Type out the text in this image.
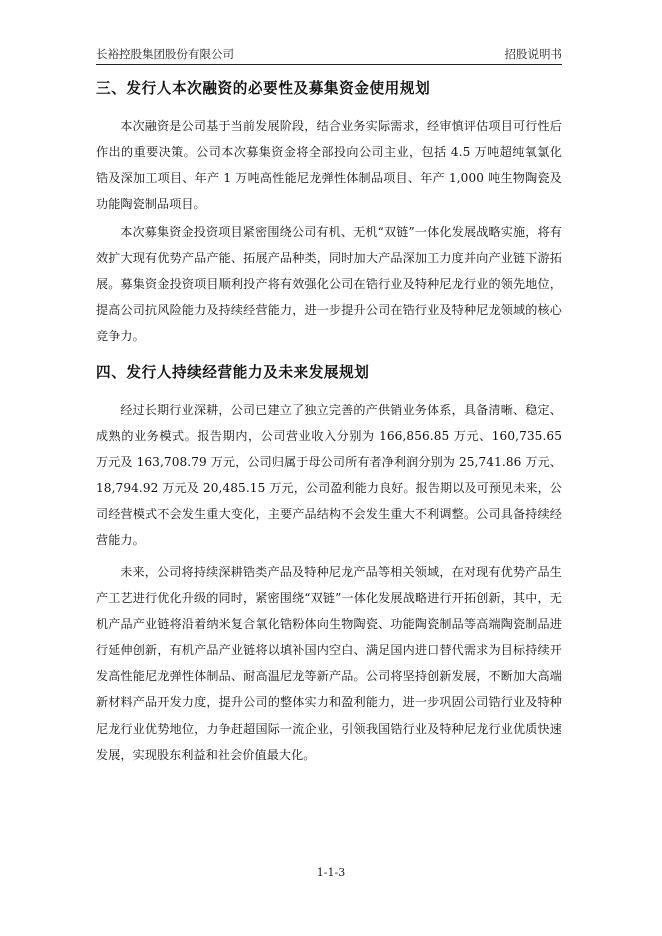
长裕控股集团股份有限公司	招股说明书
三、发行人本次融资的必要性及募集资金使用规划

本次融资是公司基于当前发展阶段，结合业务实际需求，经审慎评估项目可行性后作出的重要决策。公司本次募集资金将全部投向公司主业，包括 4.5 万吨超纯氧氯化锆及深加工项目、年产 1 万吨高性能尼龙弹性体制品项目、年产 1,000 吨生物陶瓷及功能陶瓷制品项目。

本次募集资金投资项目紧密围绕公司有机、无机“双链”一体化发展战略实施，将有效扩大现有优势产品产能、拓展产品种类，同时加大产品深加工力度并向产业链下游拓展。募集资金投资项目顺利投产将有效强化公司在锆行业及特种尼龙行业的领先地位，提高公司抗风险能力及持续经营能力，进一步提升公司在锆行业及特种尼龙领域的核心竞争力。

四、发行人持续经营能力及未来发展规划

经过长期行业深耕，公司已建立了独立完善的产供销业务体系，具备清晰、稳定、成熟的业务模式。报告期内，公司营业收入分别为 166,856.85 万元、160,735.65 万元及 163,708.79 万元，公司归属于母公司所有者净利润分别为 25,741.86 万元、18,794.92 万元及 20,485.15 万元，公司盈利能力良好。报告期以及可预见未来，公司经营模式不会发生重大变化，主要产品结构不会发生重大不利调整。公司具备持续经营能力。

未来，公司将持续深耕锆类产品及特种尼龙产品等相关领域，在对现有优势产品生产工艺进行优化升级的同时，紧密围绕“双链”一体化发展战略进行开拓创新，其中，无机产品产业链将沿着纳米复合氧化锆粉体向生物陶瓷、功能陶瓷制品等高端陶瓷制品进行延伸创新，有机产品产业链将以填补国内空白、满足国内进口替代需求为目标持续开发高性能尼龙弹性体制品、耐高温尼龙等新产品。公司将坚持创新发展，不断加大高端新材料产品开发力度，提升公司的整体实力和盈利能力，进一步巩固公司锆行业及特种尼龙行业优势地位，力争赶超国际一流企业，引领我国锆行业及特种尼龙行业优质快速发展，实现股东利益和社会价值最大化。

1-1-3
